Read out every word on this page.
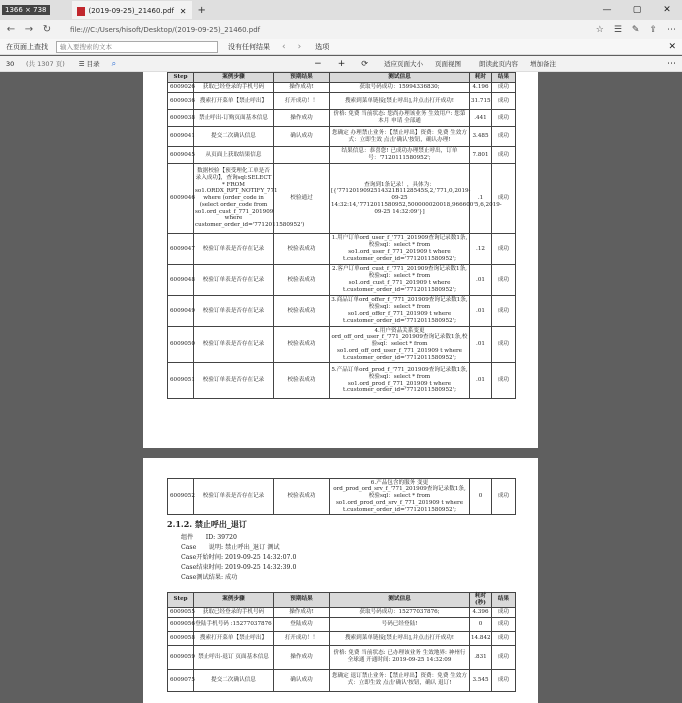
1366 × 738	(2019-09-25)_21460.pdf ✕ +	—	▢	✕
← → ↻	file:///C:/Users/hisoft/Desktop/(2019-09-25)_21460.pdf	☆ ☰ ✎ ⇪ ⋯
在页面上查找	输入要搜索的文本	没有任何结果 ‹ › 选项	✕
30	(共 1307 页) ☰ 目录 ⌕	− + ⟳ 适应页面大小 页面视图	朗读此页内容 增加备注	⋯
Step	案例步骤	预期结果	测试信息	耗时	结果
6009026	获取已经登录的手机号码	操作成功!	获取号码成功：15994336830;	4.196	成功
6009036	搜索打开菜单【禁止呼出】	打开成功！！	搜索到菜单链接[禁止呼出],并点击打开成功!	31.715	成功
6009038	禁止呼出-订购页面基本信息	操作成功	价格: 免费 当前状态: 您尚办理该业务 生效用户: 您第本月 申请 全部通	.441	成功
6009041	提交二次确认信息	确认成功	您确定 办理禁止业务：【禁止呼出】资费：免费 生效方式：立即生效 点击'确认'按钮，确认办理!	3.485	成功
6009045	从页面上获取结果信息		结果信息：恭喜您! 已成功办理禁止呼出，订单号：'7120111580952';	7.801	成功
6009046	数据校验【预受理化工单是否录入成功】，查询sql:SELECT * FROM so1.ORDX_RPT_NOTIFY_771 where (order_code in (select order_code from so1.ord_cust_f_771_201909 where customer_order_id='7712011580952')	校验通过	查询到1条记录！，具体为：[{'7712019092514321B1128545S,2,'771,0,2019-09-25 14:32:14,'7712011580952,500000020018,966600'5,6,2019-09-25 14:32:09'}]	.1	成功
6009047	校验订单表是否存在记录	校验表成功	1.用户订单ord_user_f_'771_201909查询记录数1条,校验sql：select * from so1.ord_user_f_771_201909 t where t.customer_order_id='7712011580952';	.12	成功
6009048	校验订单表是否存在记录	校验表成功	2.客户订单ord_cust_f_'771_201909查询记录数1条,校验sql：select * from so1.ord_cust_f_771_201909 t where t.customer_order_id='7712011580952';	.01	成功
6009049	校验订单表是否存在记录	校验表成功	3.商品订单ord_offer_f_'771_201909查询记录数1条,校验sql：select * from so1.ord_offer_f_771_201909 t where t.customer_order_id='7712011580952';	.01	成功
6009050	校验订单表是否存在记录	校验表成功	4.用户资品关系变更 ord_off_ord_user_f_'771_201909查询记录数1条,校验sql：select * from so1.ord_off_ord_user_f_771_201909 t where t.customer_order_id='7712011580952';	.01	成功
6009051	校验订单表是否存在记录	校验表成功	5.产品订单ord_prod_f_'771_201909查询记录数1条,校验sql：select * from so1.ord_prod_f_771_201909 t where t.customer_order_id='7712011580952';	.01	成功
6009052	校验订单表是否存在记录	校验表成功	6.产品包含的服务 变更 ord_prod_ord_srv_f_'771_201909查询记录数1条,校验sql：select * from so1.ord_prod_ord_srv_f_771_201909 t where t.customer_order_id='7712011580952';	0	成功
2.1.2. 禁止呼出_退订
组件　　ID: 39720
Case　　说明: 禁止呼出_退订 测试
Case开始时间: 2019-09-25 14:32:07.0
Case结束时间: 2019-09-25 14:32:39.0
Case测试结果: 成功
Step	案例步骤	预期结果	测试信息	耗时(秒)	结果
6009055	获取已经登录的手机号码	操作成功!	获取号码成功：15277037876;	4.396	成功
6009056	登陆手机号码 :15277037876	登陆成功	号码已经登陆!	0	成功
6009058	搜索打开菜单【禁止呼出】	打开成功！！	搜索到菜单链接[禁止呼出],并点击打开成功!	14.842	成功
6009059	禁止呼出-退订 页面基本信息	操作成功	价格: 免费 当前状态: 已办理该业务 生效地界: 神州行 全球通 开通时间: 2019-09-25 14:32:09	.831	成功
6009075	提交二次确认信息	确认成功	您确定 退订禁止业务：【禁止呼出】资费：免费 生效方式：立即生效 点击'确认'按钮，确认 退订!	3.545	成功
